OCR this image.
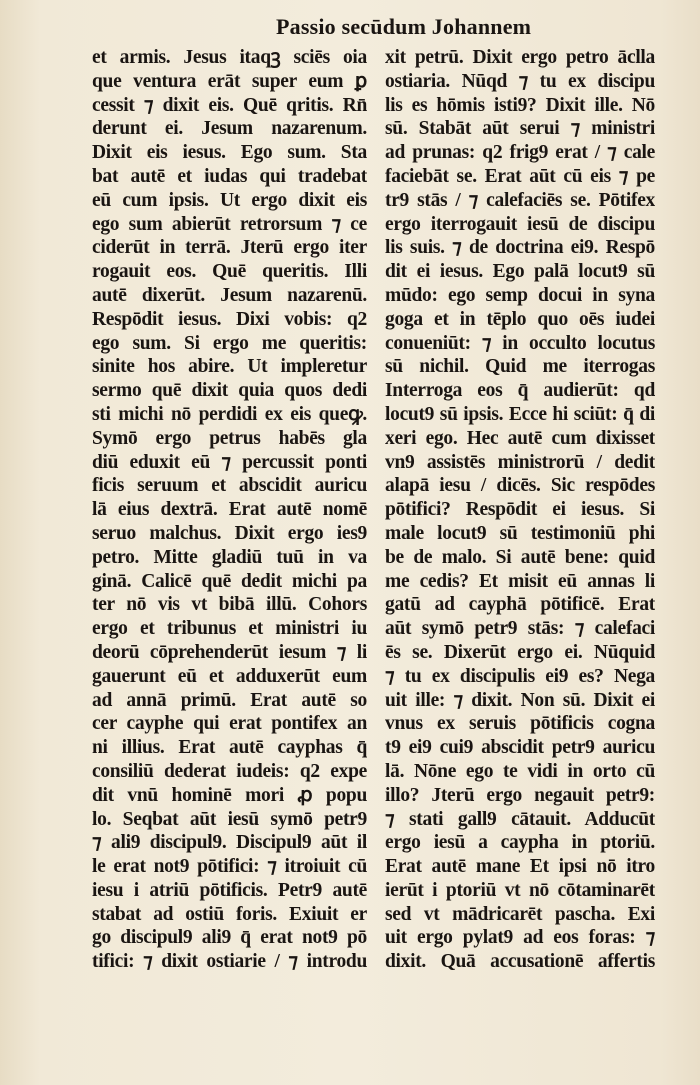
Passio secūdum Johannem
et armis. Jesus itaqꝫ sciēs oia
que ventura erāt super eum ꝑ
cessit ⁊ dixit eis. Quē qritis. Rn̄
derunt ei. Jesum nazarenum.
Dixit eis iesus. Ego sum. Sta
bat autē et iudas qui tradebat
eū cum ipsis. Ut ergo dixit eis
ego sum abierūt retrorsum ⁊ ce
ciderūt in terrā. Jterū ergo iter
rogauit eos. Quē queritis. Illi
autē dixerūt. Jesum nazarenū.
Respōdit iesus. Dixi vobis: q2
ego sum. Si ergo me queritis:
sinite hos abire. Ut impleretur
sermo quē dixit quia quos dedi
sti michi nō perdidi ex eis queꝙ.
Symō ergo petrus habēs gla
diū eduxit eū ⁊ percussit ponti
ficis seruum et abscidit auricu
lā eius dextrā. Erat autē nomē
seruo malchus. Dixit ergo ies9
petro. Mitte gladiū tuū in va
ginā. Calicē quē dedit michi pa
ter nō vis vt bibā illū. Cohors
ergo et tribunus et ministri iu
deorū cōprehenderūt iesum ⁊ li
gauerunt eū et adduxerūt eum
ad annā primū. Erat autē so
cer cayphe qui erat pontifex an
ni illius. Erat autē cayphas q̄
consiliū dederat iudeis: q2 expe
dit vnū hominē mori ꝓ popu
lo. Seqbat aūt iesū symō petr9
⁊ ali9 discipul9. Discipul9 aūt il
le erat not9 pōtifici: ⁊ itroiuit cū
iesu i atriū pōtificis. Petr9 autē
stabat ad ostiū foris. Exiuit er
go discipul9 ali9 q̄ erat not9 pō
tifici: ⁊ dixit ostiarie / ⁊ introdu
xit petrū. Dixit ergo petro āclla
ostiaria. Nūqd ⁊ tu ex discipu
lis es hōmis isti9? Dixit ille. Nō
sū. Stabāt aūt serui ⁊ ministri
ad prunas: q2 frig9 erat / ⁊ cale
faciebāt se. Erat aūt cū eis ⁊ pe
tr9 stās / ⁊ calefaciēs se. Pōtifex
ergo iterrogauit iesū de discipu
lis suis. ⁊ de doctrina ei9. Respō
dit ei iesus. Ego palā locut9 sū
mūdo: ego semp docui in syna
goga et in tēplo quo oēs iudei
conueniūt: ⁊ in occulto locutus
sū nichil. Quid me iterrogas
Interroga eos q̄ audierūt: qd
locut9 sū ipsis. Ecce hi sciūt: q̄ di
xeri ego. Hec autē cum dixisset
vn9 assistēs ministrorū / dedit
alapā iesu / dicēs. Sic respōdes
pōtifici? Respōdit ei iesus. Si
male locut9 sū testimoniū phi
be de malo. Si autē bene: quid
me cedis? Et misit eū annas li
gatū ad cayphā pōtificē. Erat
aūt symō petr9 stās: ⁊ calefaci
ēs se. Dixerūt ergo ei. Nūquid
⁊ tu ex discipulis ei9 es? Nega
uit ille: ⁊ dixit. Non sū. Dixit ei
vnus ex seruis pōtificis cogna
t9 ei9 cui9 abscidit petr9 auricu
lā. Nōne ego te vidi in orto cū
illo? Jterū ergo negauit petr9:
⁊ stati gall9 cātauit. Adducūt
ergo iesū a caypha in ptoriū.
Erat autē mane Et ipsi nō itro
ierūt i ptoriū vt nō cōtaminarēt
sed vt mādricarēt pascha. Exi
uit ergo pylat9 ad eos foras: ⁊
dixit. Quā accusationē affertis
